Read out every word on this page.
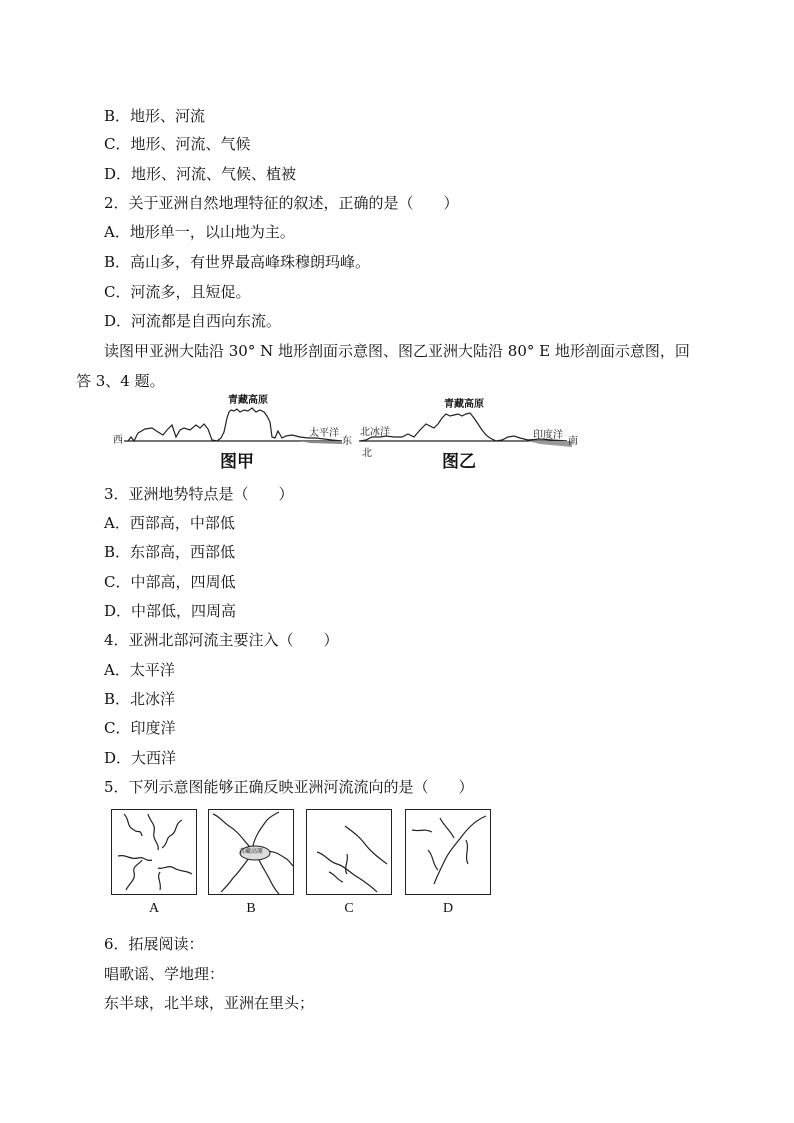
B．地形、河流
C．地形、河流、气候
D．地形、河流、气候、植被
2．关于亚洲自然地理特征的叙述，正确的是（　　）
A．地形单一，以山地为主。
B．高山多，有世界最高峰珠穆朗玛峰。
C．河流多，且短促。
D．河流都是自西向东流。
读图甲亚洲大陆沿 30° N 地形剖面示意图、图乙亚洲大陆沿 80° E 地形剖面示意图，回
答 3、4 题。
青藏高原
西	东
太平洋
图甲
青藏高原
北冰洋
北
印度洋
南
图乙
3．亚洲地势特点是（　　）
A．西部高，中部低
B．东部高，西部低
C．中部高，四周低
D．中部低，四周高
4．亚洲北部河流主要注入（　　）
A．太平洋
B．北冰洋
C．印度洋
D．大西洋
5．下列示意图能够正确反映亚洲河流流向的是（　　）
A
青藏高原
B	C	D
6．拓展阅读：
唱歌谣、学地理：
东半球，北半球，亚洲在里头；
